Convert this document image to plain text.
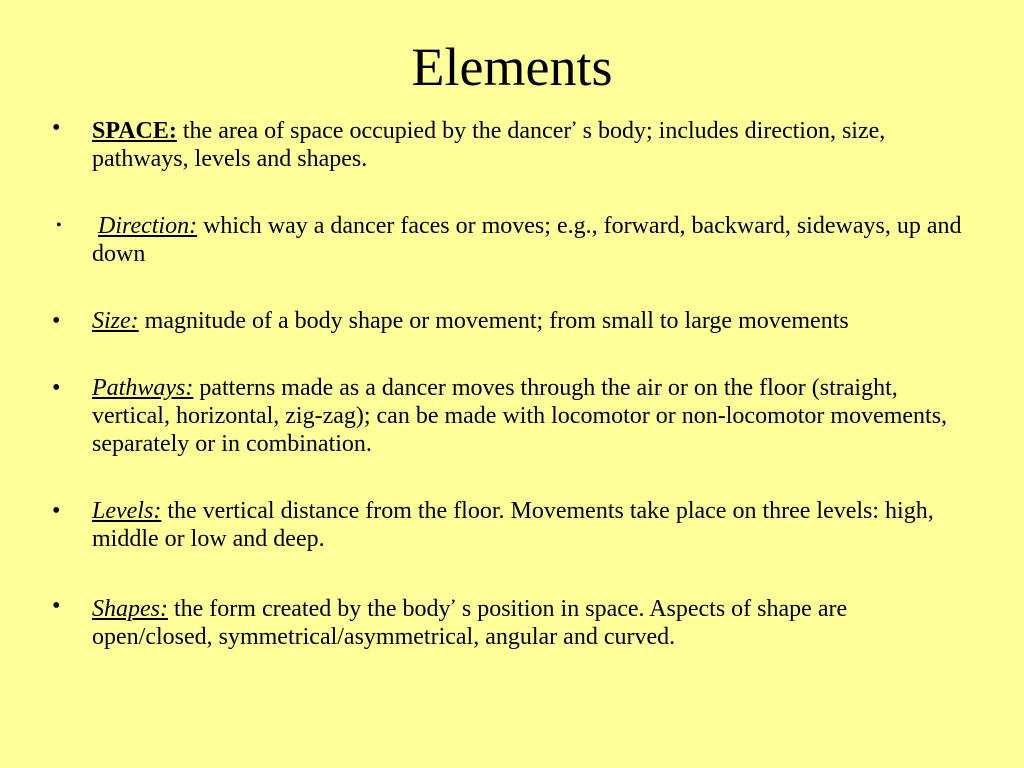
Elements
• SPACE: the area of space occupied by the dancer’ s body; includes direction, size, pathways, levels and shapes.
• Direction: which way a dancer faces or moves; e.g., forward, backward, sideways, up and down
• Size: magnitude of a body shape or movement; from small to large movements
• Pathways: patterns made as a dancer moves through the air or on the floor (straight, vertical, horizontal, zig-zag); can be made with locomotor or non-locomotor movements, separately or in combination.
• Levels: the vertical distance from the floor. Movements take place on three levels: high, middle or low and deep.
• Shapes: the form created by the body’ s position in space. Aspects of shape are open/closed, symmetrical/asymmetrical, angular and curved.
